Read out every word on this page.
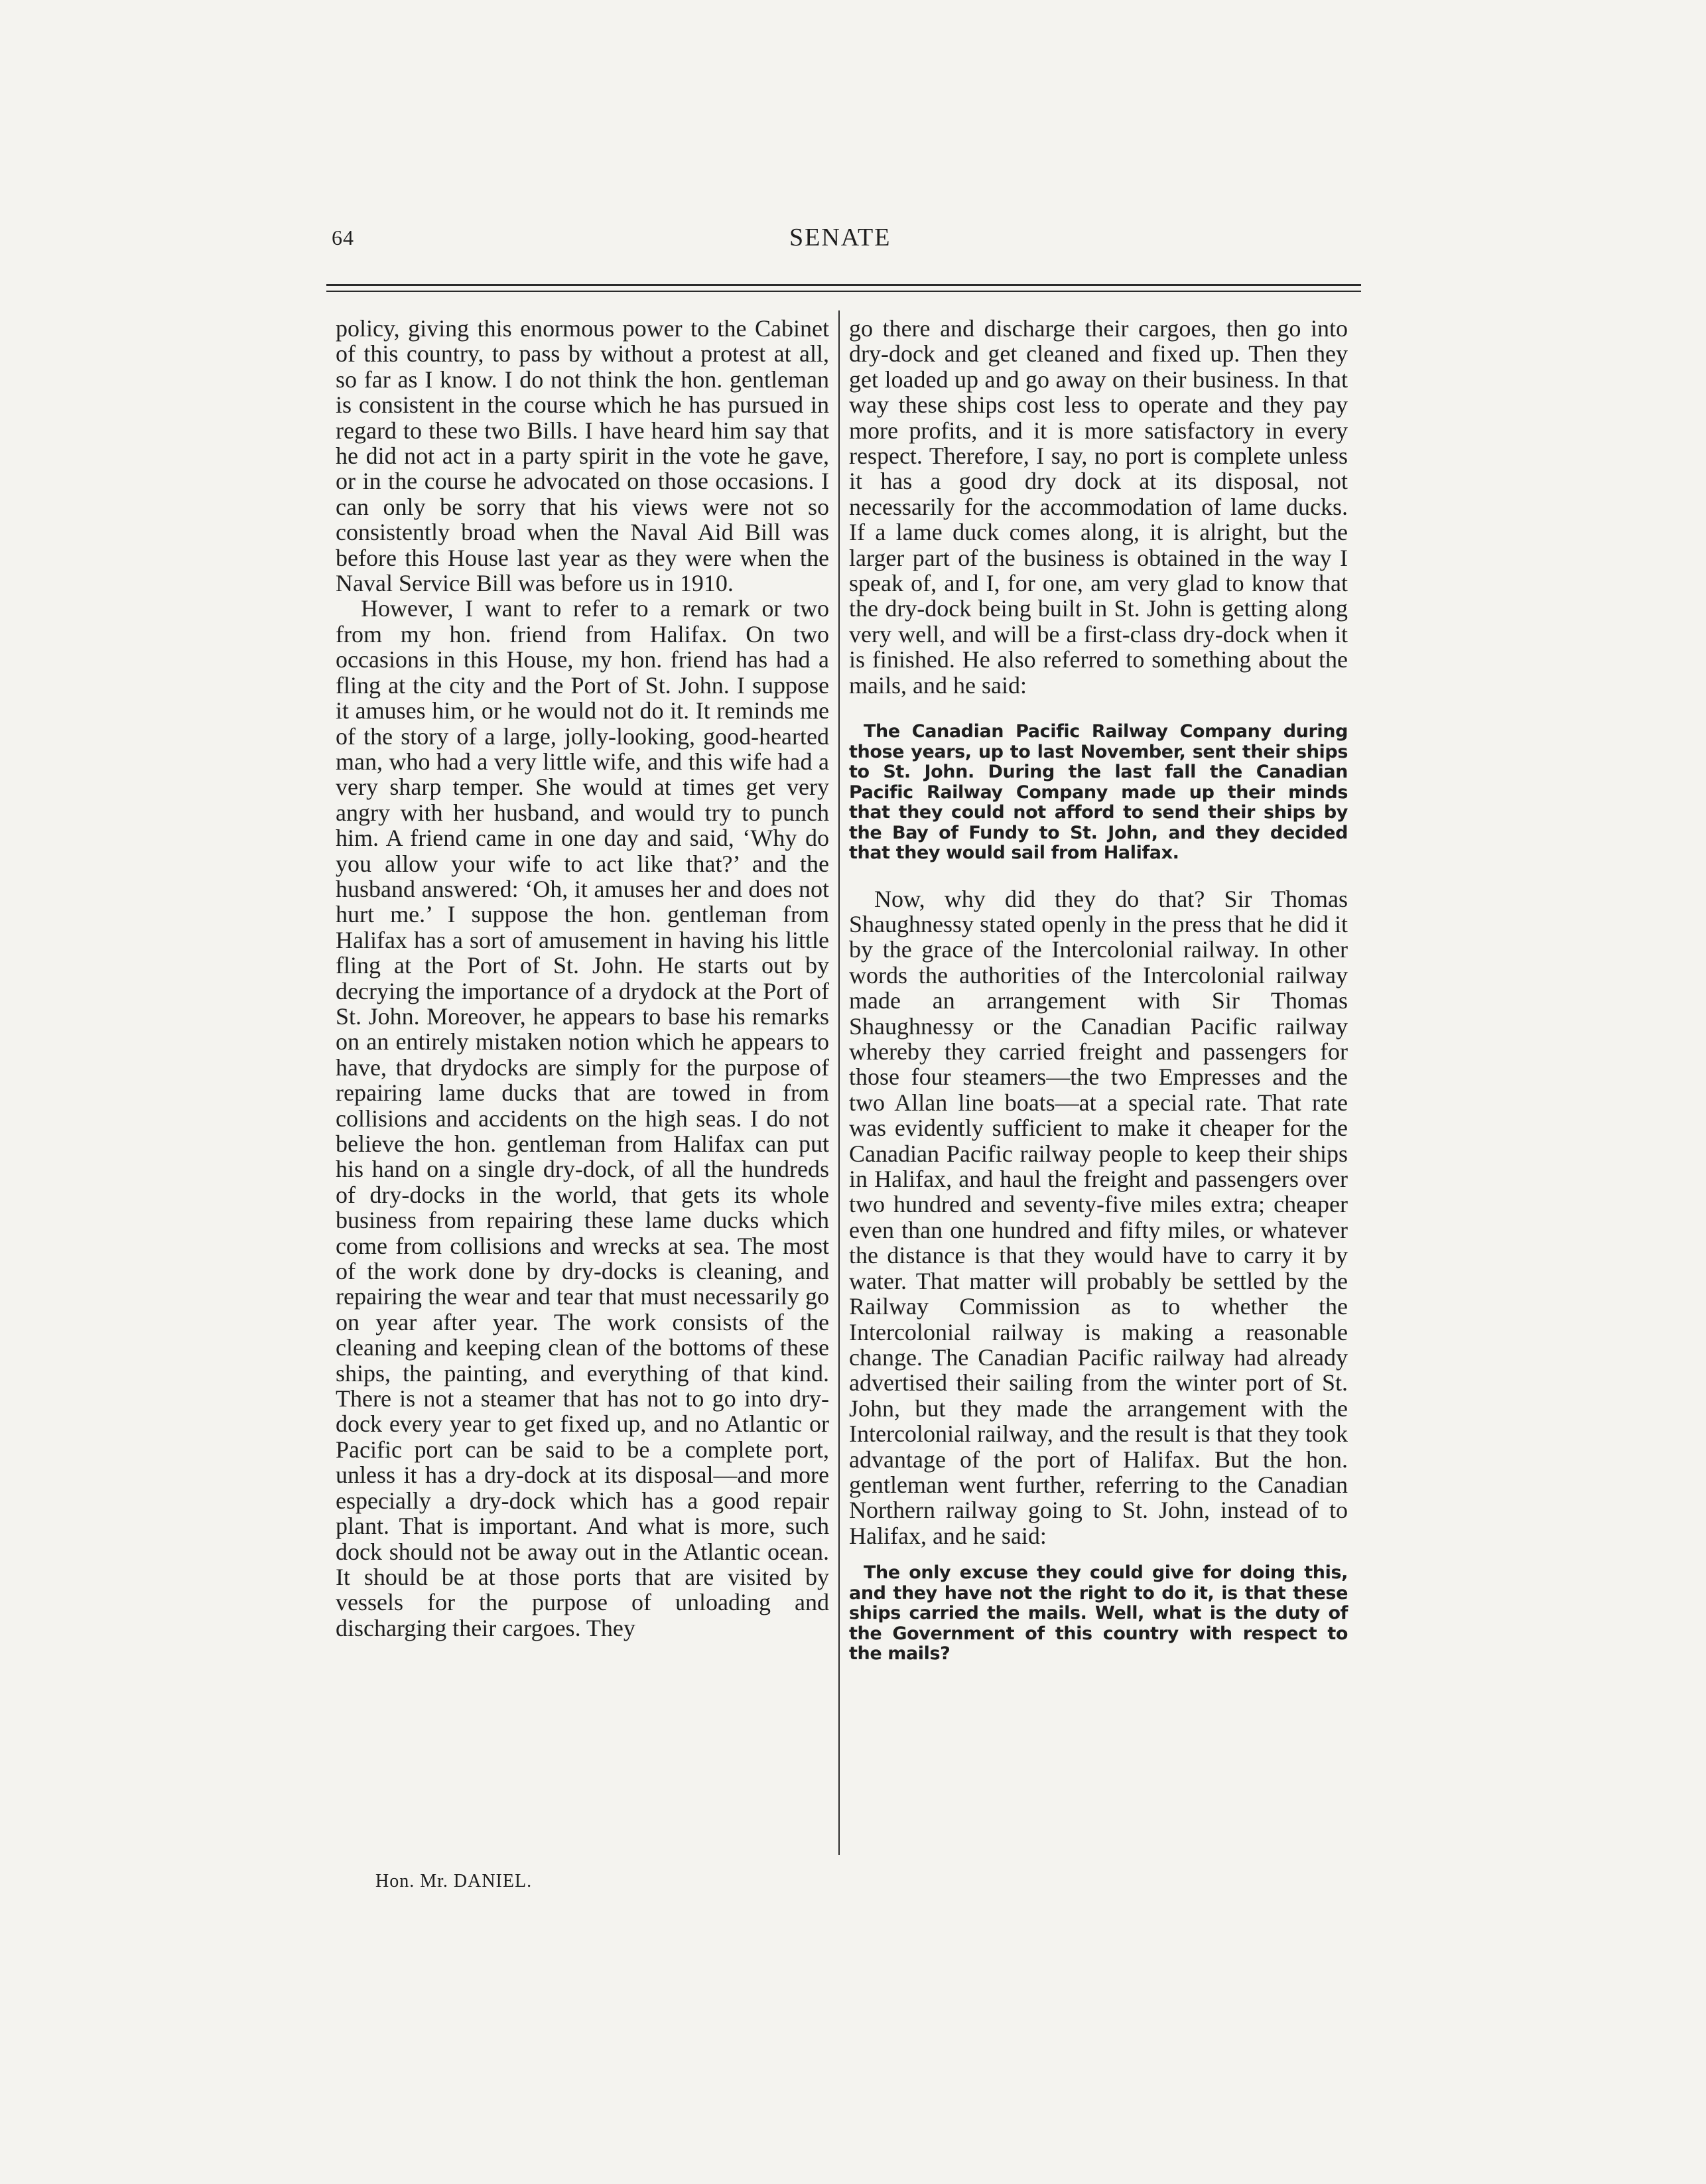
64	SENATE

policy, giving this enormous power to the Cabinet of this country, to pass by without a protest at all, so far as I know. I do not think the hon. gentleman is consistent in the course which he has pursued in regard to these two Bills. I have heard him say that he did not act in a party spirit in the vote he gave, or in the course he advocated on those occasions. I can only be sorry that his views were not so consistently broad when the Naval Aid Bill was before this House last year as they were when the Naval Service Bill was before us in 1910.

However, I want to refer to a remark or two from my hon. friend from Halifax. On two occasions in this House, my hon. friend has had a fling at the city and the Port of St. John. I suppose it amuses him, or he would not do it. It reminds me of the story of a large, jolly-looking, good-hearted man, who had a very little wife, and this wife had a very sharp temper. She would at times get very angry with her husband, and would try to punch him. A friend came in one day and said, ‘Why do you allow your wife to act like that?’ and the husband answered: ‘Oh, it amuses her and does not hurt me.’ I suppose the hon. gentleman from Halifax has a sort of amusement in having his little fling at the Port of St. John. He starts out by decrying the importance of a drydock at the Port of St. John. Moreover, he appears to base his remarks on an entirely mistaken notion which he appears to have, that drydocks are simply for the purpose of repairing lame ducks that are towed in from collisions and accidents on the high seas. I do not believe the hon. gentleman from Halifax can put his hand on a single dry-dock, of all the hundreds of dry-docks in the world, that gets its whole business from repairing these lame ducks which come from collisions and wrecks at sea. The most of the work done by dry-docks is cleaning, and repairing the wear and tear that must necessarily go on year after year. The work consists of the cleaning and keeping clean of the bottoms of these ships, the painting, and everything of that kind. There is not a steamer that has not to go into dry-dock every year to get fixed up, and no Atlantic or Pacific port can be said to be a complete port, unless it has a dry-dock at its disposal—and more especially a dry-dock which has a good repair plant. That is important. And what is more, such dock should not be away out in the Atlantic ocean. It should be at those ports that are visited by vessels for the purpose of unloading and discharging their cargoes. They

go there and discharge their cargoes, then go into dry-dock and get cleaned and fixed up. Then they get loaded up and go away on their business. In that way these ships cost less to operate and they pay more profits, and it is more satisfactory in every respect. Therefore, I say, no port is complete unless it has a good dry dock at its disposal, not necessarily for the accommodation of lame ducks. If a lame duck comes along, it is alright, but the larger part of the business is obtained in the way I speak of, and I, for one, am very glad to know that the dry-dock being built in St. John is getting along very well, and will be a first-class dry-dock when it is finished. He also referred to something about the mails, and he said:

The Canadian Pacific Railway Company during those years, up to last November, sent their ships to St. John. During the last fall the Canadian Pacific Railway Company made up their minds that they could not afford to send their ships by the Bay of Fundy to St. John, and they decided that they would sail from Halifax.

Now, why did they do that? Sir Thomas Shaughnessy stated openly in the press that he did it by the grace of the Intercolonial railway. In other words the authorities of the Intercolonial railway made an arrangement with Sir Thomas Shaughnessy or the Canadian Pacific railway whereby they carried freight and passengers for those four steamers—the two Empresses and the two Allan line boats—at a special rate. That rate was evidently sufficient to make it cheaper for the Canadian Pacific railway people to keep their ships in Halifax, and haul the freight and passengers over two hundred and seventy-five miles extra; cheaper even than one hundred and fifty miles, or whatever the distance is that they would have to carry it by water. That matter will probably be settled by the Railway Commission as to whether the Intercolonial railway is making a reasonable change. The Canadian Pacific railway had already advertised their sailing from the winter port of St. John, but they made the arrangement with the Intercolonial railway, and the result is that they took advantage of the port of Halifax. But the hon. gentleman went further, referring to the Canadian Northern railway going to St. John, instead of to Halifax, and he said:

The only excuse they could give for doing this, and they have not the right to do it, is that these ships carried the mails. Well, what is the duty of the Government of this country with respect to the mails?

Hon. Mr. DANIEL.
